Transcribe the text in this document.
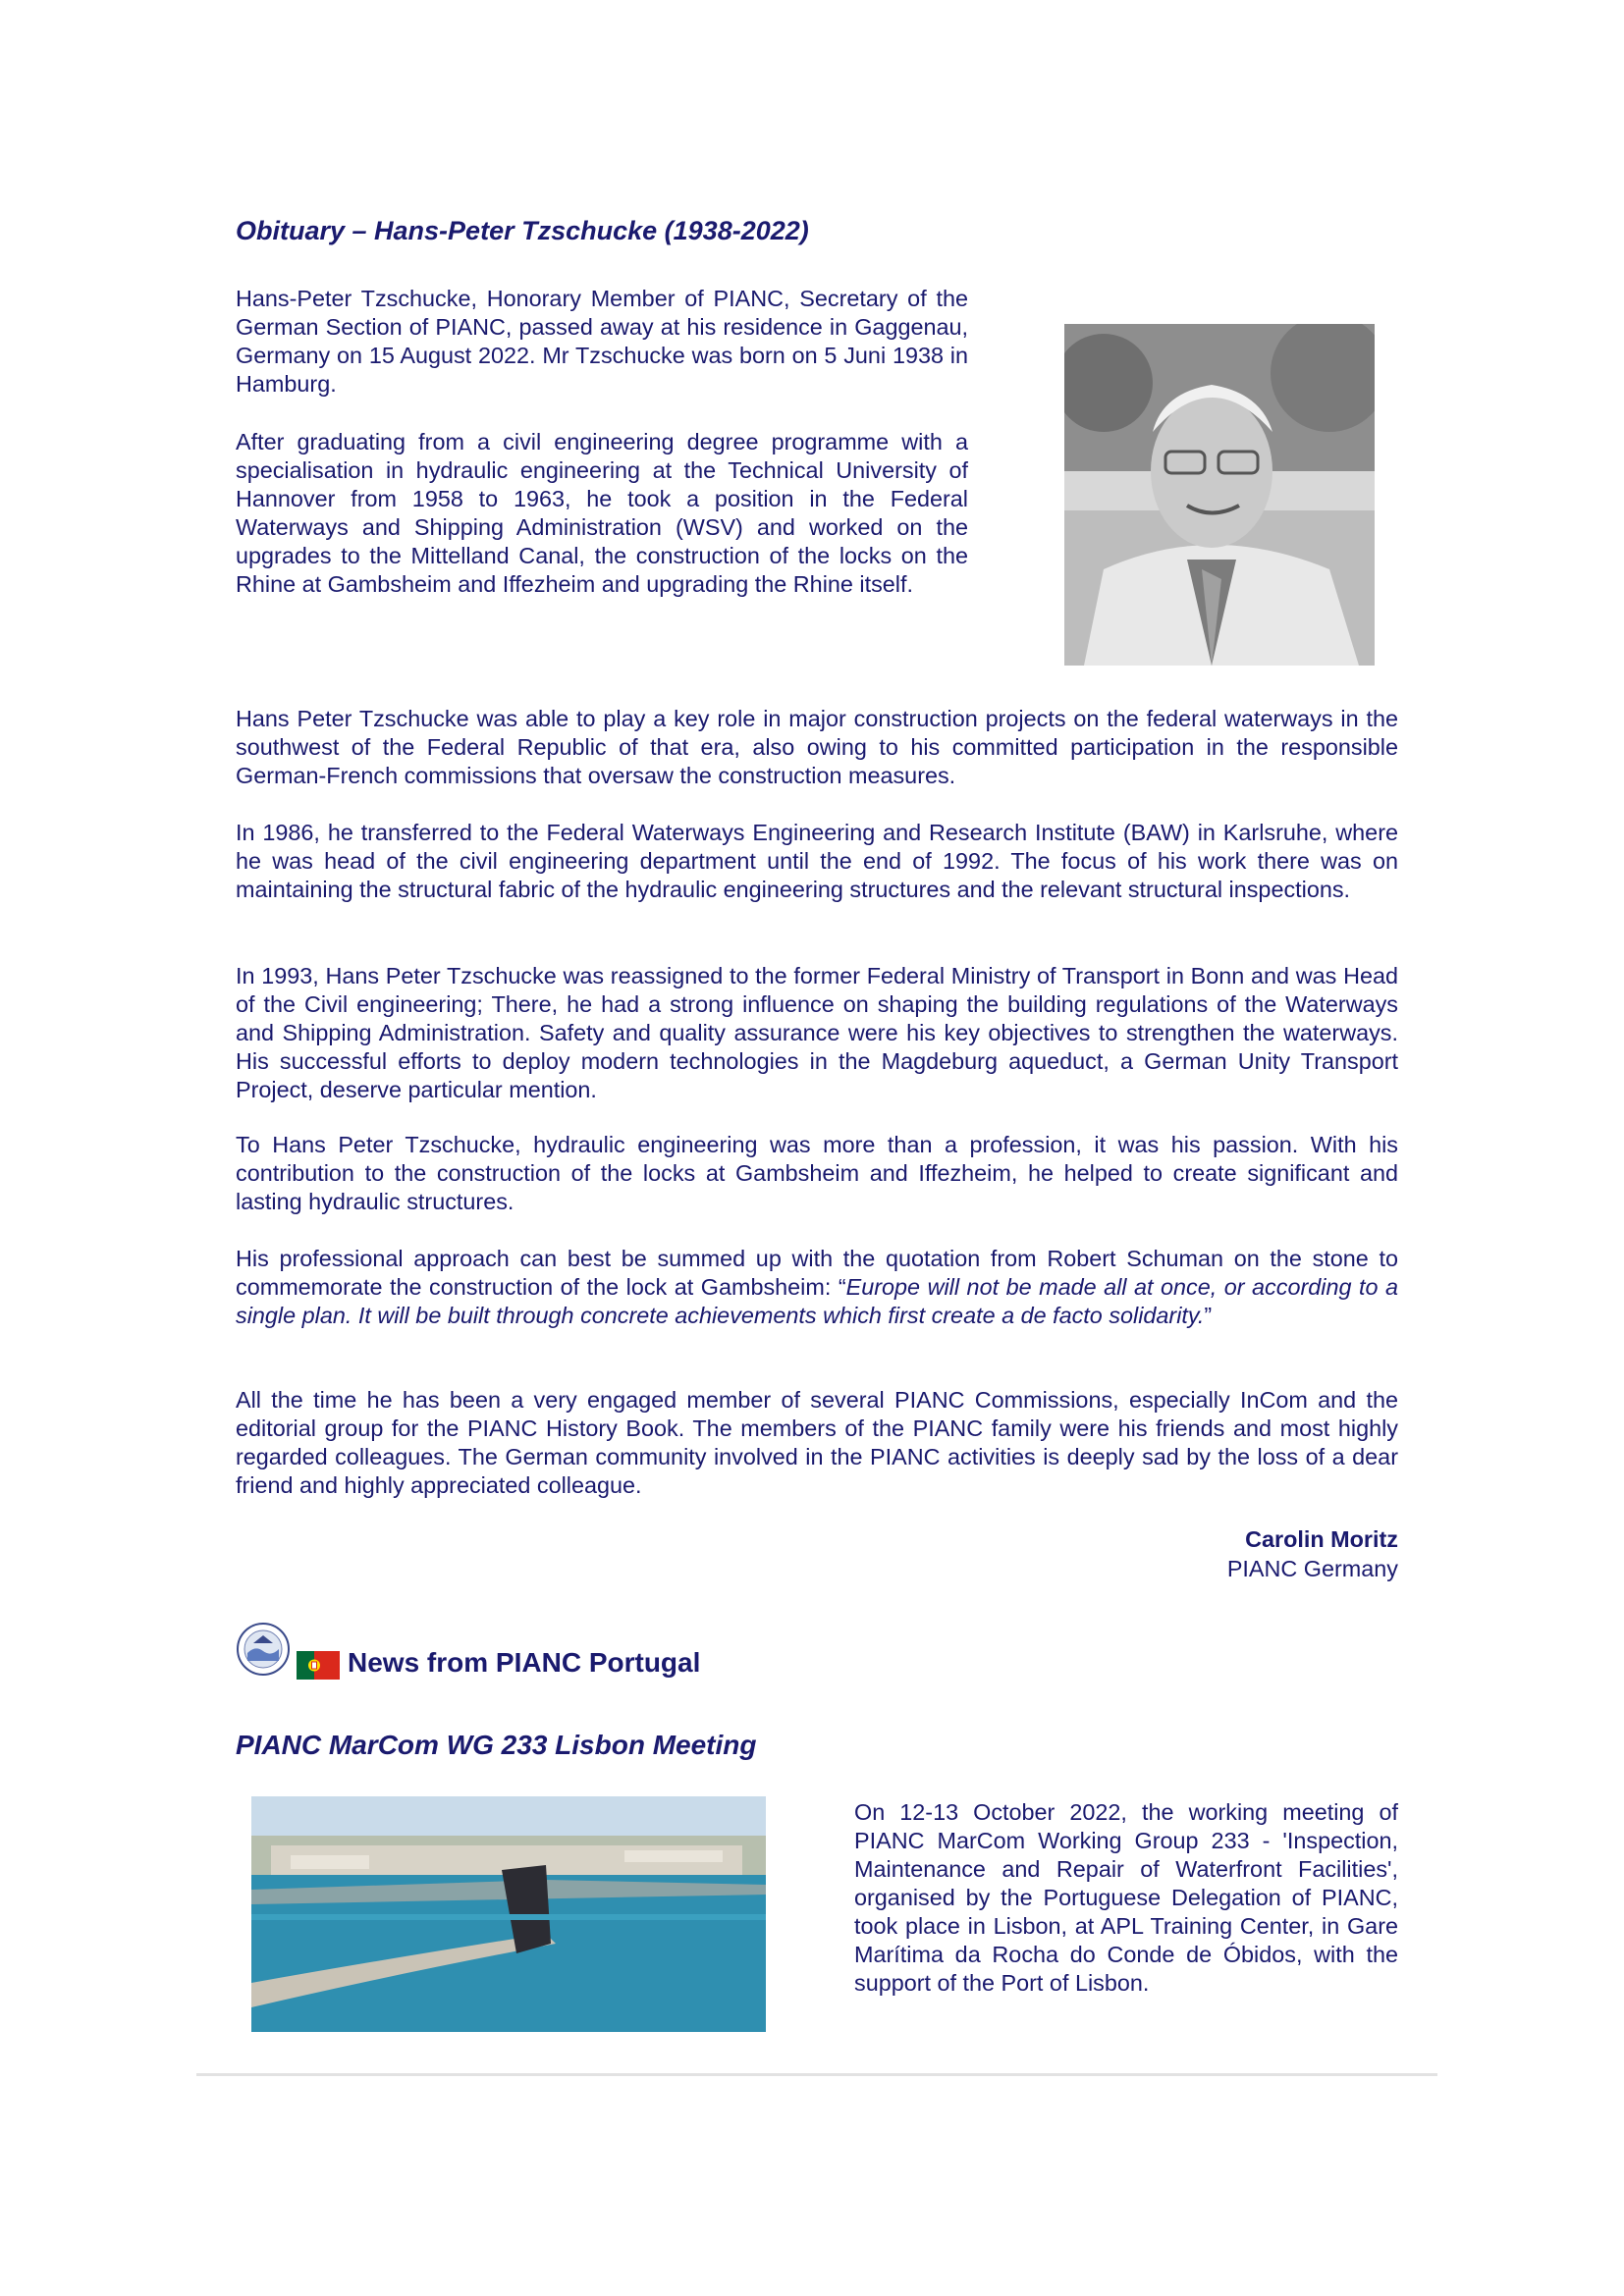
Obituary – Hans-Peter Tzschucke (1938-2022)

Hans-Peter Tzschucke, Honorary Member of PIANC, Secretary of the German Section of PIANC, passed away at his residence in Gaggenau, Germany on 15 August 2022. Mr Tzschucke was born on 5 Juni 1938 in Hamburg.

After graduating from a civil engineering degree programme with a specialisation in hydraulic engineering at the Technical University of Hannover from 1958 to 1963, he took a position in the Federal Waterways and Shipping Administration (WSV) and worked on the upgrades to the Mittelland Canal, the construction of the locks on the Rhine at Gambsheim and Iffezheim and upgrading the Rhine itself.

Hans Peter Tzschucke was able to play a key role in major construction projects on the federal waterways in the southwest of the Federal Republic of that era, also owing to his committed participation in the responsible German-French commissions that oversaw the construction measures.

In 1986, he transferred to the Federal Waterways Engineering and Research Institute (BAW) in Karlsruhe, where he was head of the civil engineering department until the end of 1992. The focus of his work there was on maintaining the structural fabric of the hydraulic engineering structures and the relevant structural inspections.

In 1993, Hans Peter Tzschucke was reassigned to the former Federal Ministry of Transport in Bonn and was Head of the Civil engineering; There, he had a strong influence on shaping the building regulations of the Waterways and Shipping Administration. Safety and quality assurance were his key objectives to strengthen the waterways. His successful efforts to deploy modern technologies in the Magdeburg aqueduct, a German Unity Transport Project, deserve particular mention.

To Hans Peter Tzschucke, hydraulic engineering was more than a profession, it was his passion. With his contribution to the construction of the locks at Gambsheim and Iffezheim, he helped to create significant and lasting hydraulic structures.

His professional approach can best be summed up with the quotation from Robert Schuman on the stone to commemorate the construction of the lock at Gambsheim: “Europe will not be made all at once, or according to a single plan. It will be built through concrete achievements which first create a de facto solidarity.”

All the time he has been a very engaged member of several PIANC Commissions, especially InCom and the editorial group for the PIANC History Book. The members of the PIANC family were his friends and most highly regarded colleagues. The German community involved in the PIANC activities is deeply sad by the loss of a dear friend and highly appreciated colleague.

Carolin Moritz

PIANC Germany

News from PIANC Portugal
PIANC MarCom WG 233 Lisbon Meeting

On 12-13 October 2022, the working meeting of PIANC MarCom Working Group 233 - 'Inspection, Maintenance and Repair of Waterfront Facilities', organised by the Portuguese Delegation of PIANC, took place in Lisbon, at APL Training Center, in Gare Marítima da Rocha do Conde de Óbidos, with the support of the Port of Lisbon.
